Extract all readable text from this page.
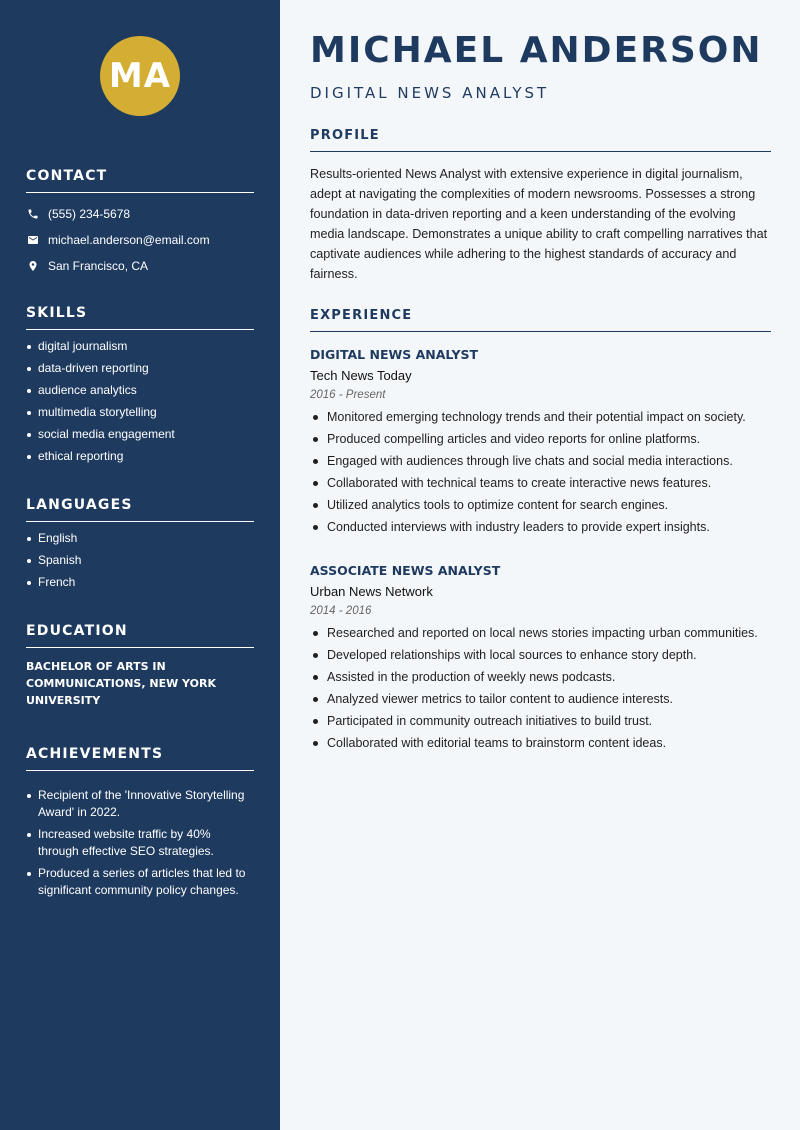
MA
CONTACT
(555) 234-5678
michael.anderson@email.com
San Francisco, CA
SKILLS
digital journalism
data-driven reporting
audience analytics
multimedia storytelling
social media engagement
ethical reporting
LANGUAGES
English
Spanish
French
EDUCATION
BACHELOR OF ARTS IN COMMUNICATIONS, NEW YORK UNIVERSITY
ACHIEVEMENTS
Recipient of the 'Innovative Storytelling Award' in 2022.
Increased website traffic by 40% through effective SEO strategies.
Produced a series of articles that led to significant community policy changes.
MICHAEL ANDERSON
DIGITAL NEWS ANALYST
PROFILE

Results-oriented News Analyst with extensive experience in digital journalism, adept at navigating the complexities of modern newsrooms. Possesses a strong foundation in data-driven reporting and a keen understanding of the evolving media landscape. Demonstrates a unique ability to craft compelling narratives that captivate audiences while adhering to the highest standards of accuracy and fairness.

EXPERIENCE
DIGITAL NEWS ANALYST
Tech News Today
2016 - Present
Monitored emerging technology trends and their potential impact on society.
Produced compelling articles and video reports for online platforms.
Engaged with audiences through live chats and social media interactions.
Collaborated with technical teams to create interactive news features.
Utilized analytics tools to optimize content for search engines.
Conducted interviews with industry leaders to provide expert insights.
ASSOCIATE NEWS ANALYST
Urban News Network
2014 - 2016
Researched and reported on local news stories impacting urban communities.
Developed relationships with local sources to enhance story depth.
Assisted in the production of weekly news podcasts.
Analyzed viewer metrics to tailor content to audience interests.
Participated in community outreach initiatives to build trust.
Collaborated with editorial teams to brainstorm content ideas.
